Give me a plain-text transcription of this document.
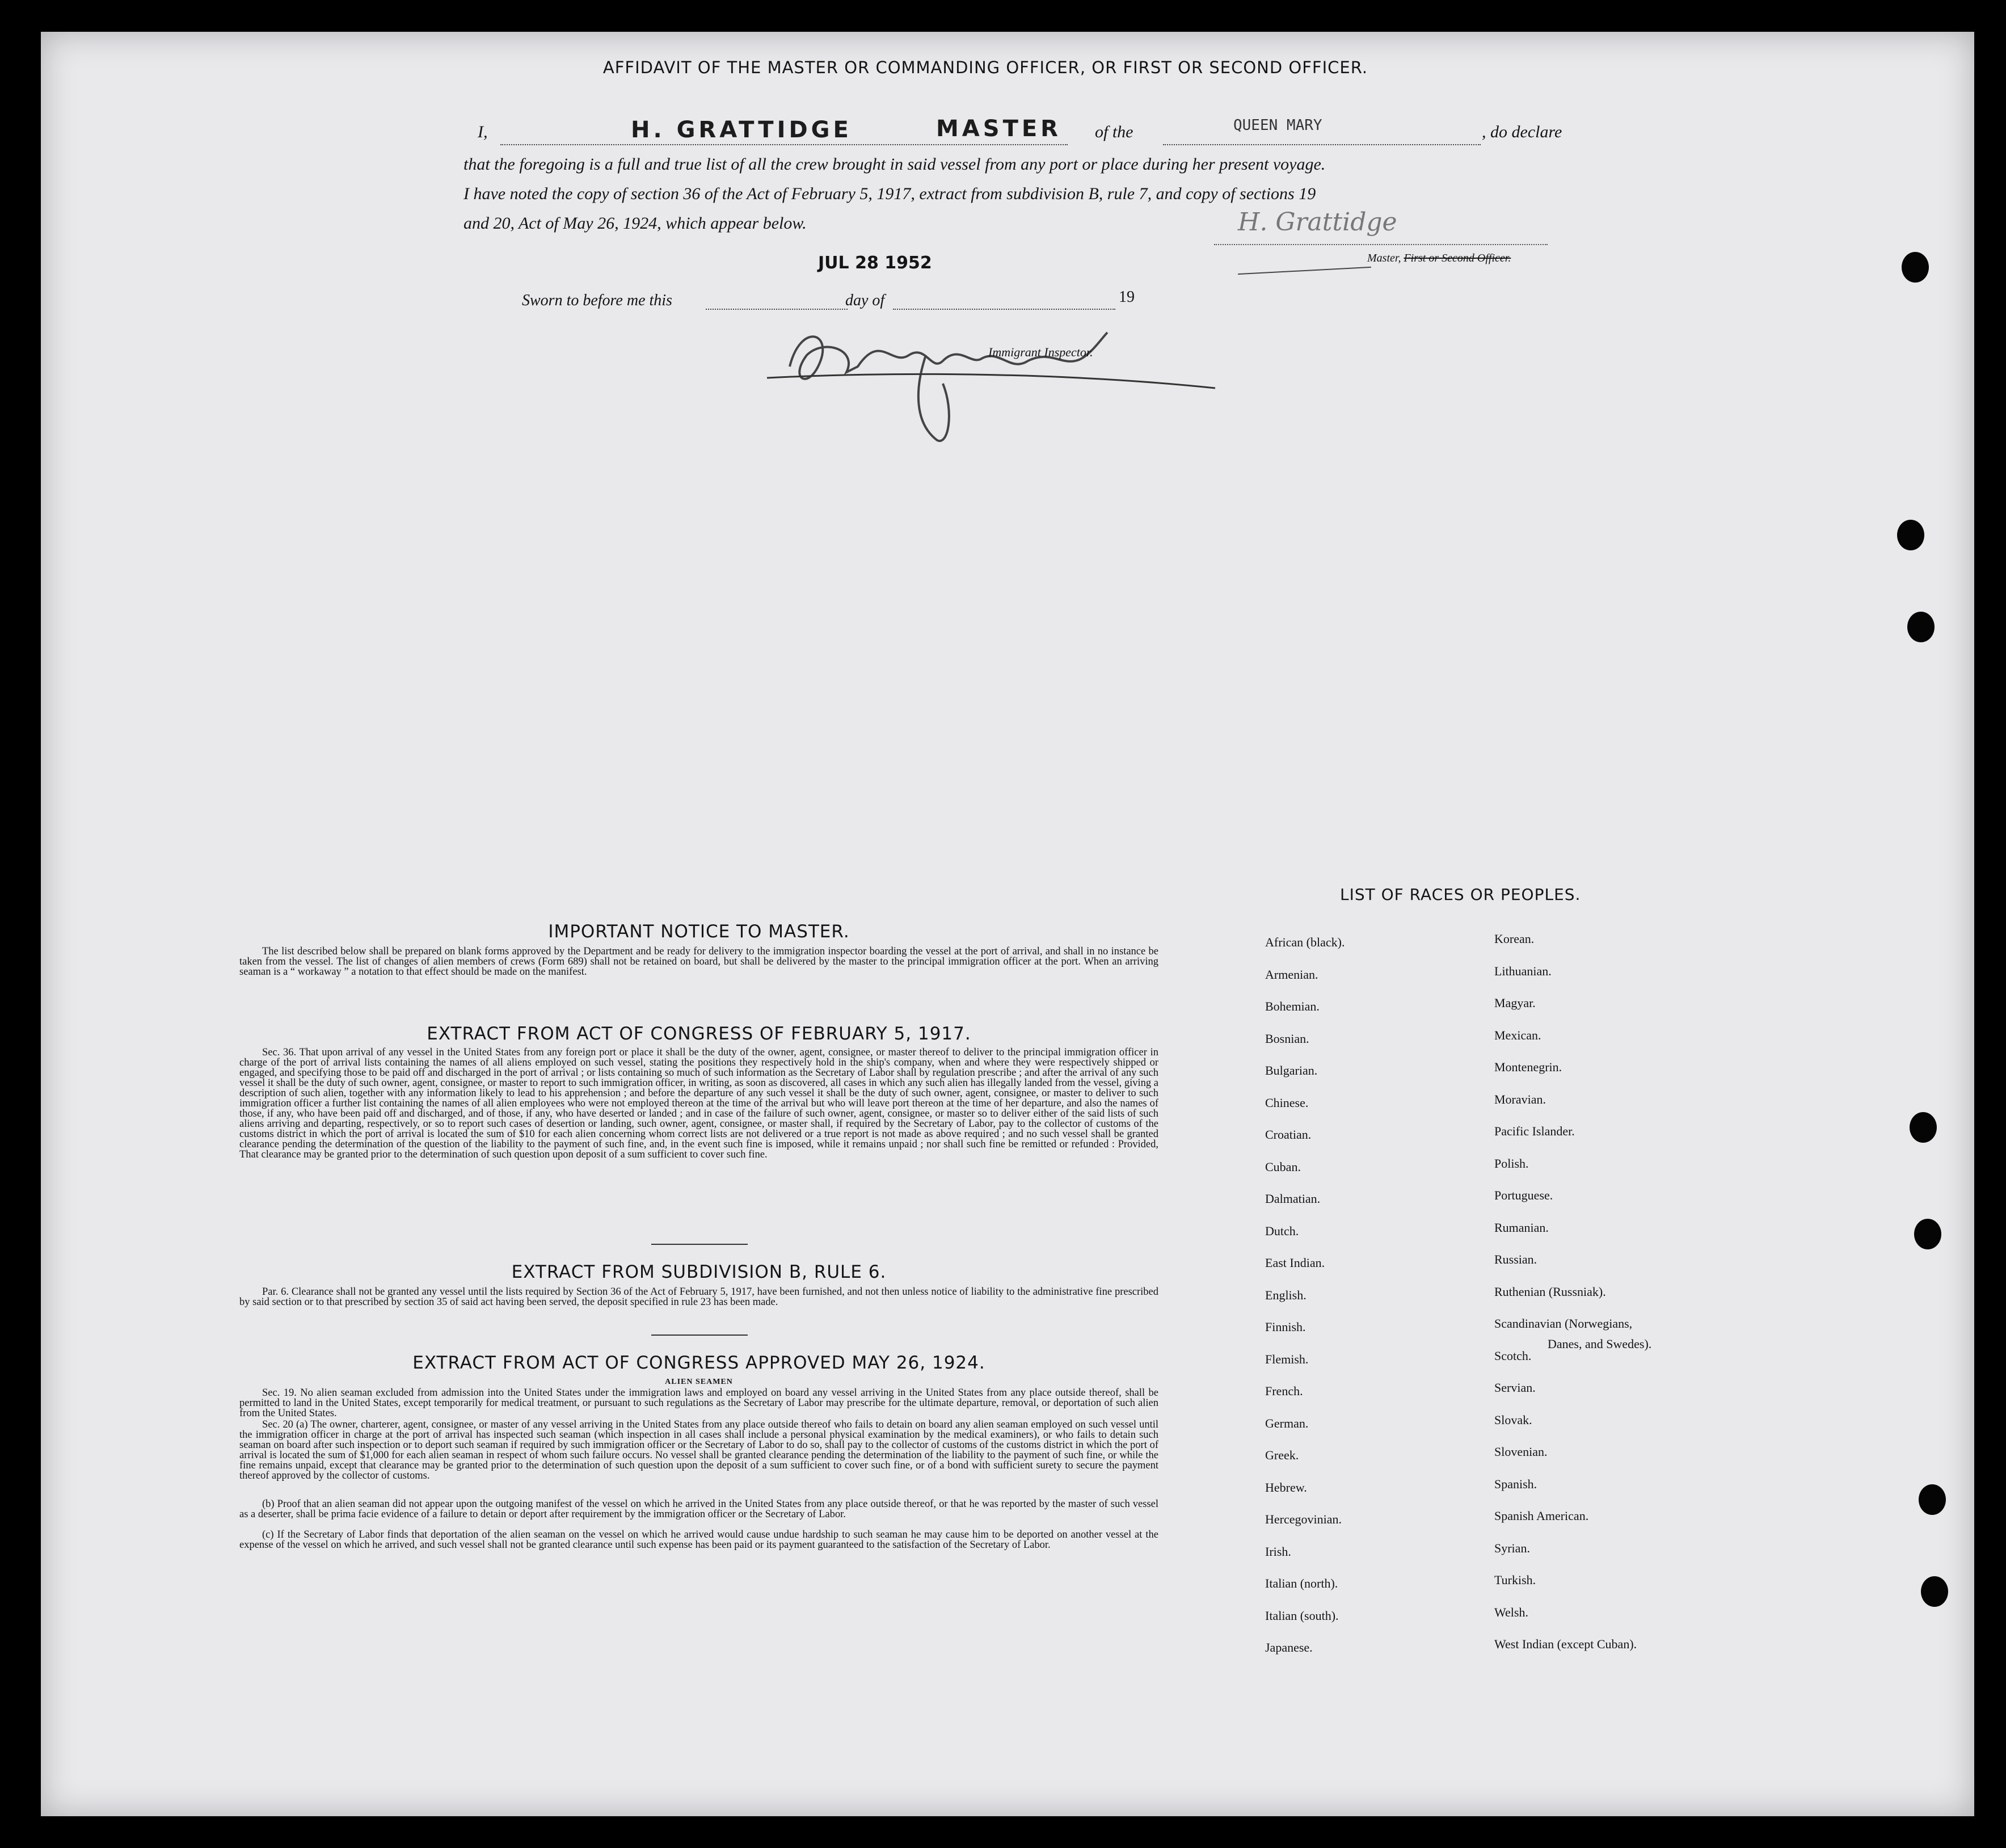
AFFIDAVIT OF THE MASTER OR COMMANDING OFFICER, OR FIRST OR SECOND OFFICER.
I,	H. GRATTIDGE	MASTER of the	QUEEN MARY	, do declare
that the foregoing is a full and true list of all the crew brought in said vessel from any port or place during her present voyage.
I have noted the copy of section 36 of the Act of February 5, 1917, extract from subdivision B, rule 7, and copy of sections 19
and 20, Act of May 26, 1924, which appear below.	H. Grattidge
Master, First or Second Officer.
JUL 28 1952
Sworn to before me this	day of	19
Immigrant Inspector.
IMPORTANT NOTICE TO MASTER.
The list described below shall be prepared on blank forms approved by the Department and be ready for delivery to the immigration inspector boarding the vessel at the port of arrival, and shall in no instance be taken from the vessel. The list of changes of alien members of crews (Form 689) shall not be retained on board, but shall be delivered by the master to the principal immigration officer at the port. When an arriving seaman is a “ workaway ” a notation to that effect should be made on the manifest.
EXTRACT FROM ACT OF CONGRESS OF FEBRUARY 5, 1917.
Sec. 36. That upon arrival of any vessel in the United States from any foreign port or place it shall be the duty of the owner, agent, consignee, or master thereof to deliver to the principal immigration officer in charge of the port of arrival lists containing the names of all aliens employed on such vessel, stating the positions they respectively hold in the ship's company, when and where they were respectively shipped or engaged, and specifying those to be paid off and discharged in the port of arrival ; or lists containing so much of such information as the Secretary of Labor shall by regulation prescribe ; and after the arrival of any such vessel it shall be the duty of such owner, agent, consignee, or master to report to such immigration officer, in writing, as soon as discovered, all cases in which any such alien has illegally landed from the vessel, giving a description of such alien, together with any information likely to lead to his apprehension ; and before the departure of any such vessel it shall be the duty of such owner, agent, consignee, or master to deliver to such immigration officer a further list containing the names of all alien employees who were not employed thereon at the time of the arrival but who will leave port thereon at the time of her departure, and also the names of those, if any, who have been paid off and discharged, and of those, if any, who have deserted or landed ; and in case of the failure of such owner, agent, consignee, or master so to deliver either of the said lists of such aliens arriving and departing, respectively, or so to report such cases of desertion or landing, such owner, agent, consignee, or master shall, if required by the Secretary of Labor, pay to the collector of customs of the customs district in which the port of arrival is located the sum of $10 for each alien concerning whom correct lists are not delivered or a true report is not made as above required ; and no such vessel shall be granted clearance pending the determination of the question of the liability to the payment of such fine, and, in the event such fine is imposed, while it remains unpaid ; nor shall such fine be remitted or refunded : Provided, That clearance may be granted prior to the determination of such question upon deposit of a sum sufficient to cover such fine.
EXTRACT FROM SUBDIVISION B, RULE 6.
Par. 6. Clearance shall not be granted any vessel until the lists required by Section 36 of the Act of February 5, 1917, have been furnished, and not then unless notice of liability to the administrative fine prescribed by said section or to that prescribed by section 35 of said act having been served, the deposit specified in rule 23 has been made.
EXTRACT FROM ACT OF CONGRESS APPROVED MAY 26, 1924.
ALIEN SEAMEN
Sec. 19. No alien seaman excluded from admission into the United States under the immigration laws and employed on board any vessel arriving in the United States from any place outside thereof, shall be permitted to land in the United States, except temporarily for medical treatment, or pursuant to such regulations as the Secretary of Labor may prescribe for the ultimate departure, removal, or deportation of such alien from the United States.
Sec. 20 (a) The owner, charterer, agent, consignee, or master of any vessel arriving in the United States from any place outside thereof who fails to detain on board any alien seaman employed on such vessel until the immigration officer in charge at the port of arrival has inspected such seaman (which inspection in all cases shall include a personal physical examination by the medical examiners), or who fails to detain such seaman on board after such inspection or to deport such seaman if required by such immigration officer or the Secretary of Labor to do so, shall pay to the collector of customs of the customs district in which the port of arrival is located the sum of $1,000 for each alien seaman in respect of whom such failure occurs. No vessel shall be granted clearance pending the determination of the liability to the payment of such fine, or while the fine remains unpaid, except that clearance may be granted prior to the determination of such question upon the deposit of a sum sufficient to cover such fine, or of a bond with sufficient surety to secure the payment thereof approved by the collector of customs.
(b) Proof that an alien seaman did not appear upon the outgoing manifest of the vessel on which he arrived in the United States from any place outside thereof, or that he was reported by the master of such vessel as a deserter, shall be prima facie evidence of a failure to detain or deport after requirement by the immigration officer or the Secretary of Labor.
(c) If the Secretary of Labor finds that deportation of the alien seaman on the vessel on which he arrived would cause undue hardship to such seaman he may cause him to be deported on another vessel at the expense of the vessel on which he arrived, and such vessel shall not be granted clearance until such expense has been paid or its payment guaranteed to the satisfaction of the Secretary of Labor.
LIST OF RACES OR PEOPLES.
African (black).
Armenian.
Bohemian.
Bosnian.
Bulgarian.
Chinese.
Croatian.
Cuban.
Dalmatian.
Dutch.
East Indian.
English.
Finnish.
Flemish.
French.
German.
Greek.
Hebrew.
Hercegovinian.
Irish.
Italian (north).
Italian (south).
Japanese.
Korean.
Lithuanian.
Magyar.
Mexican.
Montenegrin.
Moravian.
Pacific Islander.
Polish.
Portuguese.
Rumanian.
Russian.
Ruthenian (Russniak).
Scandinavian (Norwegians,
Scotch.
Servian.
Slovak.
Slovenian.
Spanish.
Spanish American.
Syrian.
Turkish.
Welsh.
West Indian (except Cuban).
Danes, and Swedes).
